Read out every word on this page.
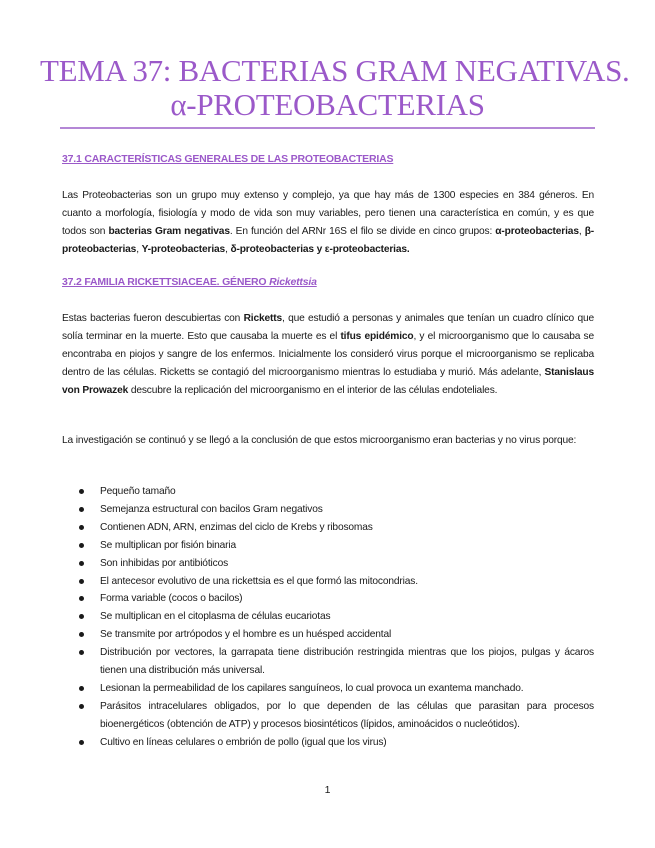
TEMA 37: BACTERIAS GRAM NEGATIVAS.
α-PROTEOBACTERIAS
37.1 CARACTERÍSTICAS GENERALES DE LAS PROTEOBACTERIAS
Las Proteobacterias son un grupo muy extenso y complejo, ya que hay más de 1300 especies en 384 géneros. En cuanto a morfología, fisiología y modo de vida son muy variables, pero tienen una característica en común, y es que todos son bacterias Gram negativas. En función del ARNr 16S el filo se divide en cinco grupos: α-proteobacterias, β-proteobacterias, Υ-proteobacterias, δ-proteobacterias y ε-proteobacterias.
37.2 FAMILIA RICKETTSIACEAE. GÉNERO Rickettsia
Estas bacterias fueron descubiertas con Ricketts, que estudió a personas y animales que tenían un cuadro clínico que solía terminar en la muerte. Esto que causaba la muerte es el tifus epidémico, y el microorganismo que lo causaba se encontraba en piojos y sangre de los enfermos. Inicialmente los consideró virus porque el microorganismo se replicaba dentro de las células. Ricketts se contagió del microorganismo mientras lo estudiaba y murió. Más adelante, Stanislaus von Prowazek descubre la replicación del microorganismo en el interior de las células endoteliales.
La investigación se continuó y se llegó a la conclusión de que estos microorganismo eran bacterias y no virus porque:
Pequeño tamaño
Semejanza estructural con bacilos Gram negativos
Contienen ADN, ARN, enzimas del ciclo de Krebs y ribosomas
Se multiplican por fisión binaria
Son inhibidas por antibióticos
El antecesor evolutivo de una rickettsia es el que formó las mitocondrias.
Forma variable (cocos o bacilos)
Se multiplican en el citoplasma de células eucariotas
Se transmite por artrópodos y el hombre es un huésped accidental
Distribución por vectores, la garrapata tiene distribución restringida mientras que los piojos, pulgas y ácaros tienen una distribución más universal.
Lesionan la permeabilidad de los capilares sanguíneos, lo cual provoca un exantema manchado.
Parásitos intracelulares obligados, por lo que dependen de las células que parasitan para procesos bioenergéticos (obtención de ATP) y procesos biosintéticos (lípidos, aminoácidos o nucleótidos).
Cultivo en líneas celulares o embrión de pollo (igual que los virus)
1
